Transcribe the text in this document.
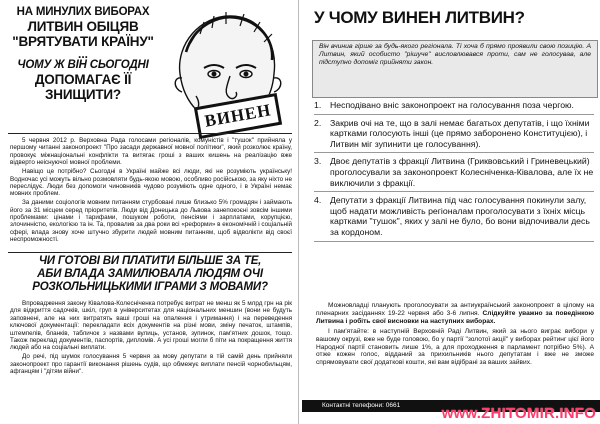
НА МИНУЛИХ ВИБОРАХ
ЛИТВИН ОБІЦЯВ
"ВРЯТУВАТИ КРАЇНУ"
...
ЧОМУ Ж ВІН СЬОГОДНІ
ДОПОМАГАЄ ЇЇ
ЗНИЩИТИ?
ВИНЕН

5 червня 2012 р. Верховна Рада голосами регіоналів, комуністів і "тушок" прийняла у першому читанні законопроект "Про засади державної мовної політики", який розколює країну, провокує міжнаціональні конфлікти та витягає гроші з ваших кишень на реалізацію вже відверто неіснуючої мовної проблеми.

Навіщо це потрібно? Сьогодні в Україні майже всі люди, які не розуміють українську! Водночас усі можуть вільно розмовляти будь-якою мовою, особливо російською, за яку ніхто не переслідує. Люди без допомоги чиновників чудово розуміють одне одного, і в Україні немає мовних проблем.

За даними соціологів мовним питанням стурбовані лише близько 5% громадян і займають його за 31 місцем серед пріоритетів. Люди від Донецька до Львова занепокоєні зовсім іншими проблемами: цінами і тарифами, пошуком роботи, пенсіями і зарплатами, корупцією, злочинністю, екологією та ін. Та, провалив за два роки всі «реформи» в економічній і соціальній сфері, влада знову хоче штучно збурити людей мовним питанням, щоб відволікти від своєї неспроможності.

ЧИ ГОТОВІ ВИ ПЛАТИТИ БІЛЬШЕ ЗА ТЕ,
АБИ ВЛАДА ЗАМИЛЮВАЛА ЛЮДЯМ ОЧІ
РОЗКОЛЬНИЦЬКИМИ ІГРАМИ З МОВАМИ?

Впровадження закону Ківалова-Колесніченка потребує витрат не менш як 5 млрд грн на рік для відкриття садочків, шкіл, груп в університетах для національних меншин (вони не будуть заповнені, але на них витратять ваші гроші на опалення і утримання) і на переведення ключової документації: перекладати всіх документів на різні мови, зміну печаток, штампів, штемпелів, бланків, табличок з назвами вулиць, установ, зупинок, пам'ятних дошок, тощо. Також переклад документів, паспортів, дипломів. А усі гроші могли б піти на покращення життя людей або на соціальні виплати.

До речі, під шумок голосування 5 червня за мову депутати в тій самій день прийняли законопроект про гарантії виконання рішень судів, що обмежує виплати пенсій чорнобильцям, афганцям і "дітям війни".

У ЧОМУ ВИНЕН ЛИТВИН?
Він вчинив гірше за будь-якого регіонала. Ті хоча б прямо проявили свою позицію. А Литвин, який особисто "рішуче" висловлювався проти, сам не голосував, але підступно допоміг прийняти закон.
1. Несподівано вніс законопроект на голосування поза чергою.
2. Закрив очі на те, що в залі немає багатьох депутатів, і що їхніми картками голосують інші (це прямо заборонено Конституцією), і Литвин міг зупинити це голосування).
3. Двоє депутатів з фракції Литвина (Гриквовський і Гриневецький) проголосували за законопроект Колесніченка-Ківалова, але їх не виключили з фракції.
4. Депутати з фракції Литвина під час голосування покинули залу, щоб надати можливість регіоналам проголосувати з їхніх місць картками "тушок", яких у залі не було, бо вони відпочивали десь за кордоном.

Можновладці планують проголосувати за антиукраїнський законопроект в цілому на пленарних засіданнях 19-22 червня або 3-6 липня. Слідкуйте уважно за поведінкою Литвина і робіть свої висновки на наступних виборах.

І пам'ятайте: в наступній Верховній Раді Литвин, який за нього виграє вибори у вашому окрузі, вже не буде головою, бо у партії "золотої акції" у виборах рейтинг цієї його Народної партії становить лише 1%, а для проходження в парламент потрібно 5%). А отже кожен голос, відданий за прихильників нього депутатам і вже не зможе спрямовувати свої додаткові кошти, які вам відібрані за ваших зайвих.

Контактні телефони: 0661	www.ZHITOMIR.INFO
